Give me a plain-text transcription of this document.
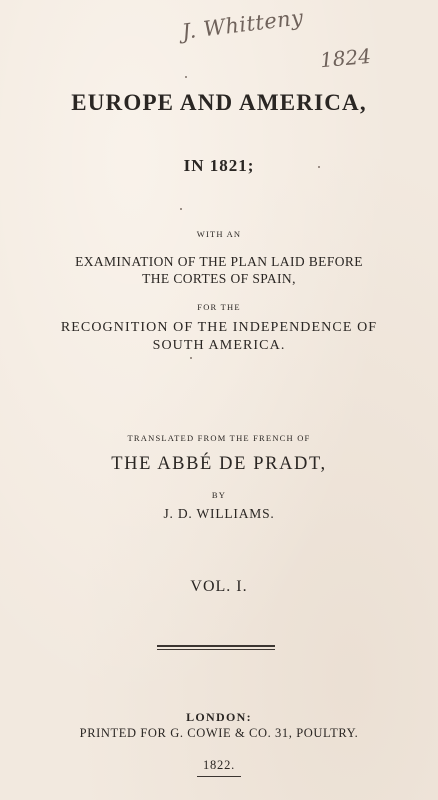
J. Whitteny
1824
EUROPE AND AMERICA,
IN 1821;
WITH AN
EXAMINATION OF THE PLAN LAID BEFORE
THE CORTES OF SPAIN,
FOR THE
RECOGNITION OF THE INDEPENDENCE OF
SOUTH AMERICA.
TRANSLATED FROM THE FRENCH OF
THE ABBÉ DE PRADT,
BY
J. D. WILLIAMS.
VOL. I.
LONDON:
PRINTED FOR G. COWIE & CO. 31, POULTRY.
1822.
